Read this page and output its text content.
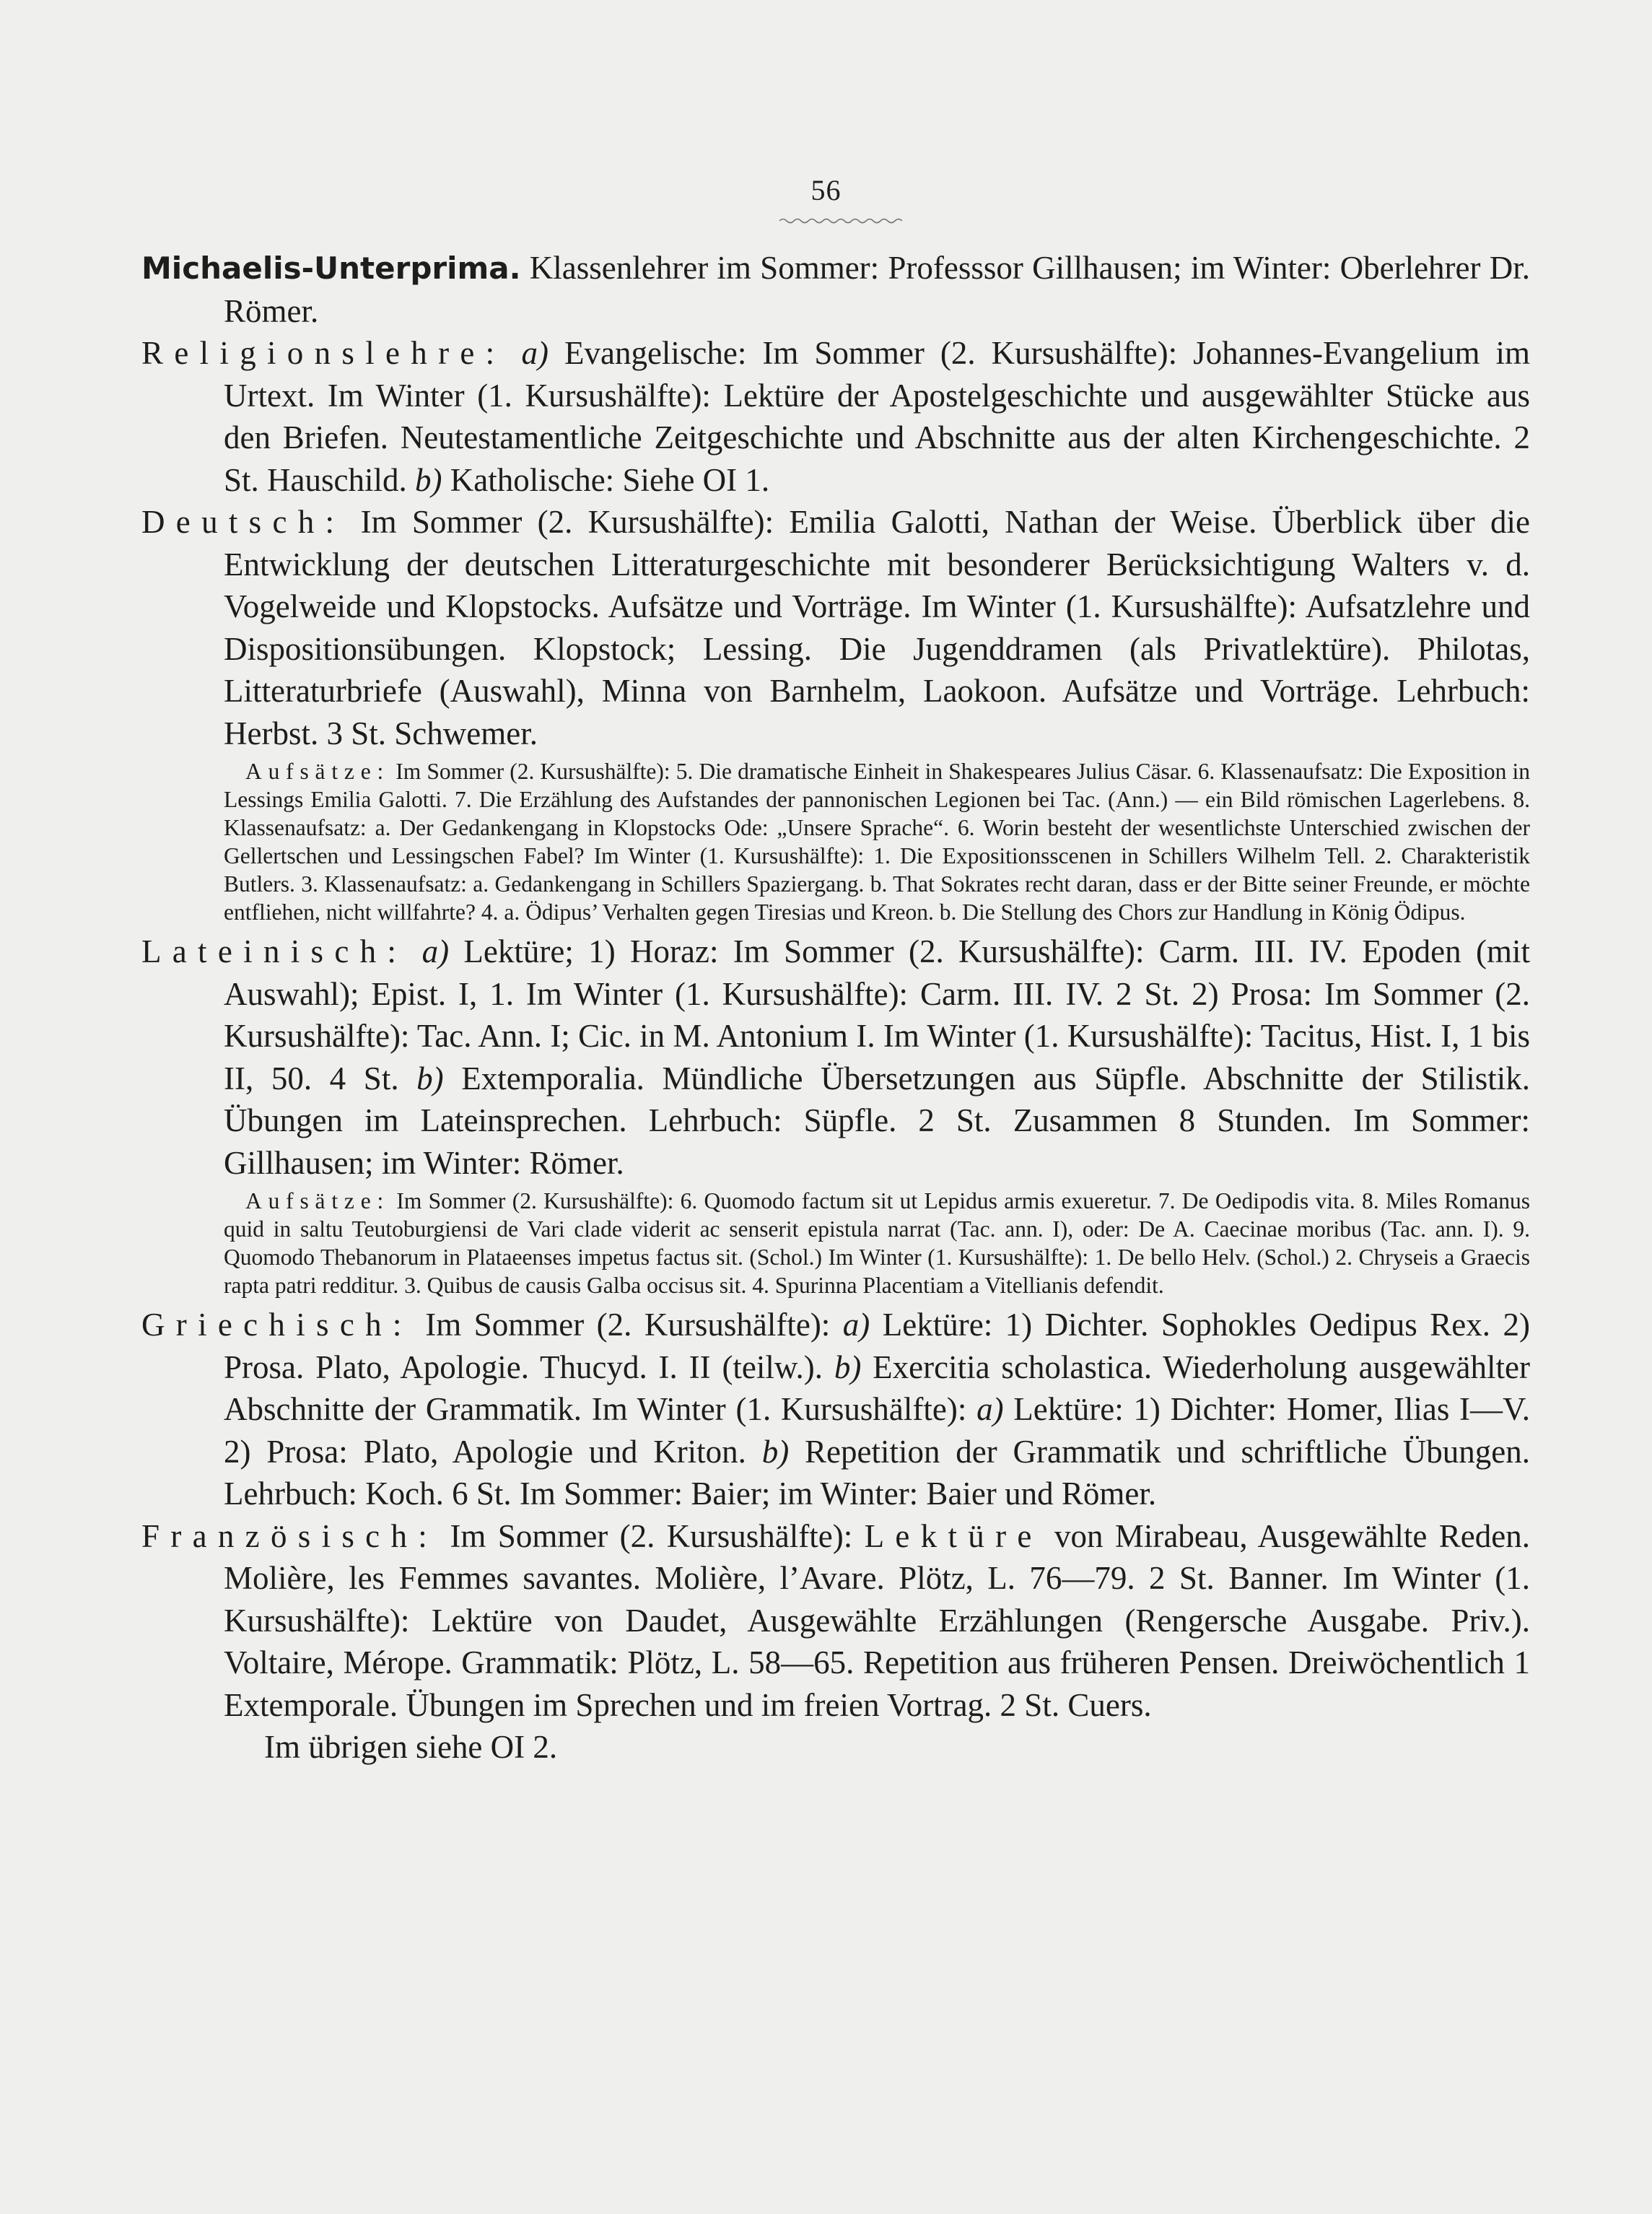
56

Michaelis-Unterprima. Klassenlehrer im Sommer: Professsor Gillhausen; im Winter: Oberlehrer Dr. Römer.

Religionslehre: a) Evangelische: Im Sommer (2. Kursushälfte): Johannes-Evangelium im Urtext. Im Winter (1. Kursushälfte): Lektüre der Apostelgeschichte und ausgewählter Stücke aus den Briefen. Neutestamentliche Zeitgeschichte und Abschnitte aus der alten Kirchengeschichte. 2 St. Hauschild. b) Katholische: Siehe OI 1.

Deutsch: Im Sommer (2. Kursushälfte): Emilia Galotti, Nathan der Weise. Überblick über die Entwicklung der deutschen Litteraturgeschichte mit besonderer Berücksichtigung Walters v. d. Vogelweide und Klopstocks. Aufsätze und Vorträge. Im Winter (1. Kursushälfte): Aufsatzlehre und Dispositionsübungen. Klopstock; Lessing. Die Jugenddramen (als Privatlektüre). Philotas, Litteraturbriefe (Auswahl), Minna von Barnhelm, Laokoon. Aufsätze und Vorträge. Lehrbuch: Herbst. 3 St. Schwemer.

Aufsätze: Im Sommer (2. Kursushälfte): 5. Die dramatische Einheit in Shakespeares Julius Cäsar. 6. Klassenaufsatz: Die Exposition in Lessings Emilia Galotti. 7. Die Erzählung des Aufstandes der pannonischen Legionen bei Tac. (Ann.) — ein Bild römischen Lagerlebens. 8. Klassenaufsatz: a. Der Gedankengang in Klopstocks Ode: „Unsere Sprache“. 6. Worin besteht der wesentlichste Unterschied zwischen der Gellertschen und Lessingschen Fabel? Im Winter (1. Kursushälfte): 1. Die Expositionsscenen in Schillers Wilhelm Tell. 2. Charakteristik Butlers. 3. Klassenaufsatz: a. Gedankengang in Schillers Spaziergang. b. That Sokrates recht daran, dass er der Bitte seiner Freunde, er möchte entfliehen, nicht willfahrte? 4. a. Ödipus’ Verhalten gegen Tiresias und Kreon. b. Die Stellung des Chors zur Handlung in König Ödipus.

Lateinisch: a) Lektüre; 1) Horaz: Im Sommer (2. Kursushälfte): Carm. III. IV. Epoden (mit Auswahl); Epist. I, 1. Im Winter (1. Kursushälfte): Carm. III. IV. 2 St. 2) Prosa: Im Sommer (2. Kursushälfte): Tac. Ann. I; Cic. in M. Antonium I. Im Winter (1. Kursushälfte): Tacitus, Hist. I, 1 bis II, 50. 4 St. b) Extemporalia. Mündliche Übersetzungen aus Süpfle. Abschnitte der Stilistik. Übungen im Lateinsprechen. Lehrbuch: Süpfle. 2 St. Zusammen 8 Stunden. Im Sommer: Gillhausen; im Winter: Römer.

Aufsätze: Im Sommer (2. Kursushälfte): 6. Quomodo factum sit ut Lepidus armis exueretur. 7. De Oedipodis vita. 8. Miles Romanus quid in saltu Teutoburgiensi de Vari clade viderit ac senserit epistula narrat (Tac. ann. I), oder: De A. Caecinae moribus (Tac. ann. I). 9. Quomodo Thebanorum in Plataeenses impetus factus sit. (Schol.) Im Winter (1. Kursushälfte): 1. De bello Helv. (Schol.) 2. Chryseis a Graecis rapta patri redditur. 3. Quibus de causis Galba occisus sit. 4. Spurinna Placentiam a Vitellianis defendit.

Griechisch: Im Sommer (2. Kursushälfte): a) Lektüre: 1) Dichter. Sophokles Oedipus Rex. 2) Prosa. Plato, Apologie. Thucyd. I. II (teilw.). b) Exercitia scholastica. Wiederholung ausgewählter Abschnitte der Grammatik. Im Winter (1. Kursushälfte): a) Lektüre: 1) Dichter: Homer, Ilias I—V. 2) Prosa: Plato, Apologie und Kriton. b) Repetition der Grammatik und schriftliche Übungen. Lehrbuch: Koch. 6 St. Im Sommer: Baier; im Winter: Baier und Römer.

Französisch: Im Sommer (2. Kursushälfte): Lektüre von Mirabeau, Ausgewählte Reden. Molière, les Femmes savantes. Molière, l’Avare. Plötz, L. 76—79. 2 St. Banner. Im Winter (1. Kursushälfte): Lektüre von Daudet, Ausgewählte Erzählungen (Rengersche Ausgabe. Priv.). Voltaire, Mérope. Grammatik: Plötz, L. 58—65. Repetition aus früheren Pensen. Dreiwöchentlich 1 Extemporale. Übungen im Sprechen und im freien Vortrag. 2 St. Cuers.

Im übrigen siehe OI 2.
